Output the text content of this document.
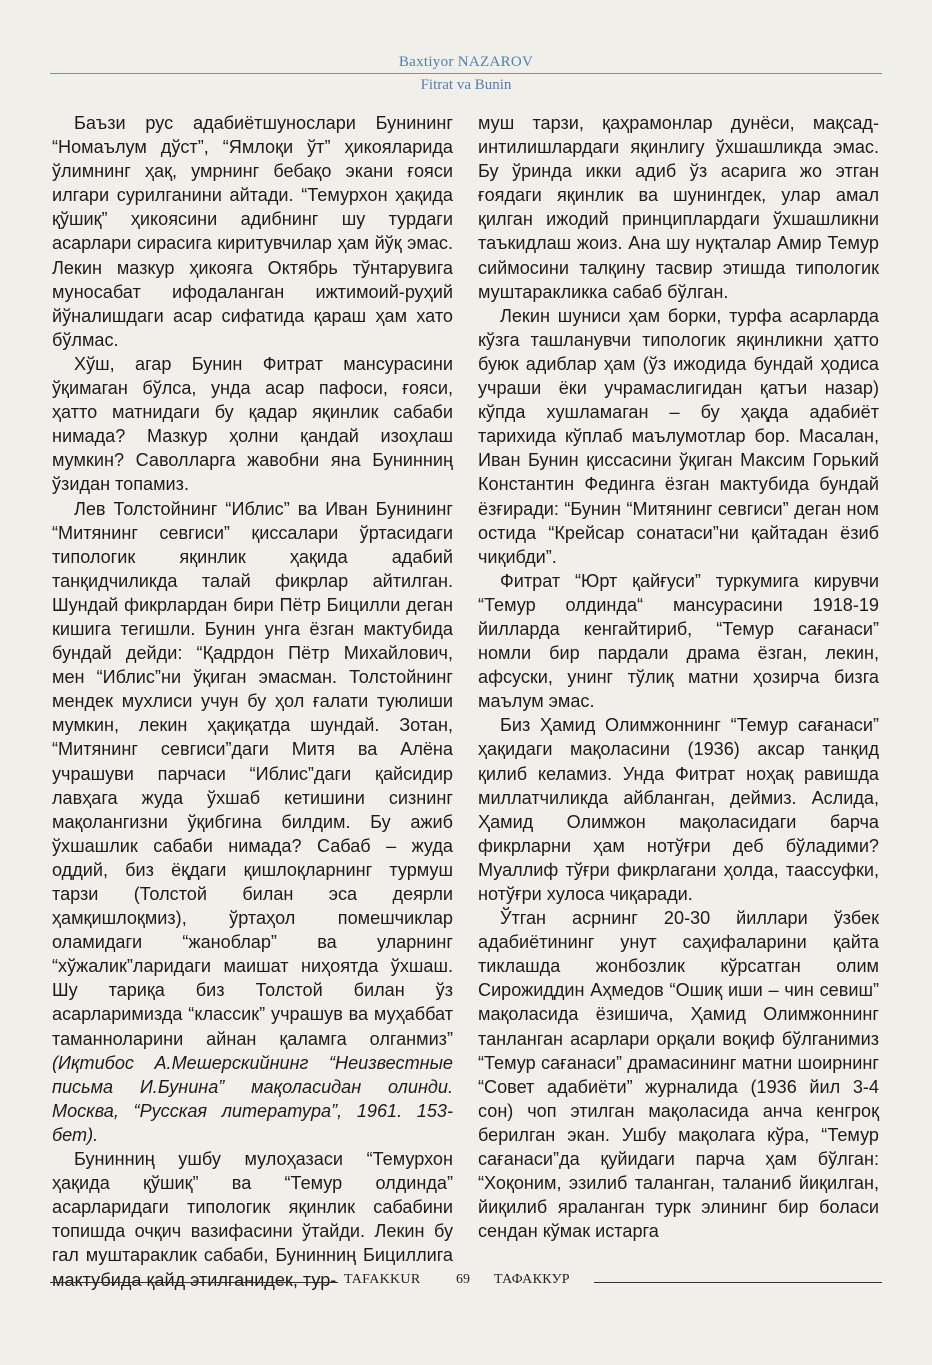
Baxtiyor NAZAROV
Fitrat va Bunin

Баъзи рус адабиётшунослари Бунининг “Номаълум дўст”, “Ямлоқи ўт” ҳикояларида ўлимнинг ҳақ, умрнинг бебақо экани ғояси илгари сурилганини айтади. “Темурхон ҳақида қўшиқ” ҳикоясини адибнинг шу турдаги асарлари сирасига киритувчилар ҳам йўқ эмас. Лекин мазкур ҳикояга Октябрь тўнтарувига муносабат ифодаланган ижтимоий-руҳий йўналишдаги асар сифатида қараш ҳам хато бўлмас.

Хўш, агар Бунин Фитрат мансурасини ўқимаган бўлса, унда асар пафоси, ғояси, ҳатто матнидаги бу қадар яқинлик сабаби нимада? Мазкур ҳолни қандай изоҳлаш мумкин? Саволларга жавобни яна Бунинниң ўзидан топамиз.

Лев Толстойнинг “Иблис” ва Иван Бунининг “Митянинг севгиси” қиссалари ўртасидаги типологик яқинлик ҳақида адабий танқидчиликда талай фикрлар айтилган. Шундай фикрлардан бири Пётр Бицилли деган кишига тегишли. Бунин унга ёзган мактубида бундай дейди: “Қадрдон Пётр Михайлович, мен “Иблис”ни ўқиган эмасман. Толстойнинг мендек мухлиси учун бу ҳол ғалати туюлиши мумкин, лекин ҳақиқатда шундай. Зотан, “Митянинг севгиси”даги Митя ва Алёна учрашуви парчаси “Иблис”даги қайсидир лавҳага жуда ўхшаб кетишини сизнинг мақолангизни ўқибгина билдим. Бу ажиб ўхшашлик сабаби нимада? Сабаб – жуда оддий, биз ёқдаги қишлоқларнинг турмуш тарзи (Толстой билан эса деярли ҳамқишлоқмиз), ўртаҳол помешчиклар оламидаги “жаноблар” ва уларнинг “хўжалик”ларидаги маишат ниҳоятда ўхшаш. Шу тариқа биз Толстой билан ўз асарларимизда “классик” учрашув ва муҳаббат таманноларини айнан қаламга олганмиз” (Иқтибос А.Мешерскийнинг “Неизвестные письма И.Бунина” мақоласидан олинди. Москва, “Русская литература”, 1961. 153-бет).

Бунинниң ушбу мулоҳазаси “Темурхон ҳақида қўшиқ” ва “Темур олдинда” асарларидаги типологик яқинлик сабабини топишда очқич вазифасини ўтайди. Лекин бу гал муштараклик сабаби, Бунинниң Бициллига мактубида қайд этилганидек, тур-

муш тарзи, қаҳрамонлар дунёси, мақсад-интилишлардаги яқинлигу ўхшашликда эмас. Бу ўринда икки адиб ўз асарига жо этган ғоядаги яқинлик ва шунингдек, улар амал қилган ижодий принциплардаги ўхшашликни таъкидлаш жоиз. Ана шу нуқталар Амир Темур сиймосини талқину тасвир этишда типологик муштаракликка сабаб бўлган.

Лекин шуниси ҳам борки, турфа асарларда кўзга ташланувчи типологик яқинликни ҳатто буюк адиблар ҳам (ўз ижодида бундай ҳодиса учраши ёки учрамаслигидан қатъи назар) кўпда хушламаган – бу ҳақда адабиёт тарихида кўплаб маълумотлар бор. Масалан, Иван Бунин қиссасини ўқиган Максим Горький Константин Фединга ёзган мактубида бундай ёзғиради: “Бунин “Митянинг севгиси” деган ном остида “Крейсар сонатаси”ни қайтадан ёзиб чиқибди”.

Фитрат “Юрт қайғуси” туркумига кирувчи “Темур олдинда“ мансурасини 1918-19 йилларда кенгайтириб, “Темур сағанаси” номли бир пардали драма ёзган, лекин, афсуски, унинг тўлиқ матни ҳозирча бизга маълум эмас.

Биз Ҳамид Олимжоннинг “Темур сағанаси” ҳақидаги мақоласини (1936) аксар танқид қилиб келамиз. Унда Фитрат ноҳақ равишда миллатчиликда айбланган, деймиз. Аслида, Ҳамид Олимжон мақоласидаги барча фикрларни ҳам нотўғри деб бўладими? Муаллиф тўғри фикрлагани ҳолда, таассуфки, нотўғри хулоса чиқаради.

Ўтган асрнинг 20-30 йиллари ўзбек адабиётининг унут саҳифаларини қайта тиклашда жонбозлик кўрсатган олим Сирожиддин Аҳмедов “Ошиқ иши – чин севиш” мақоласида ёзишича, Ҳамид Олимжоннинг танланган асарлари орқали воқиф бўлганимиз “Темур сағанаси” драмасининг матни шоирнинг “Совет адабиёти” журналида (1936 йил 3-4 сон) чоп этилган мақоласида анча кенгроқ берилган экан. Ушбу мақолага кўра, “Темур сағанаси”да қуйидаги парча ҳам бўлган: “Хоқоним, эзилиб таланган, таланиб йиқилган, йиқилиб яраланган турк элининг бир боласи сендан кўмак истарга

TAFAKKUR	69 ТАФАККУР
